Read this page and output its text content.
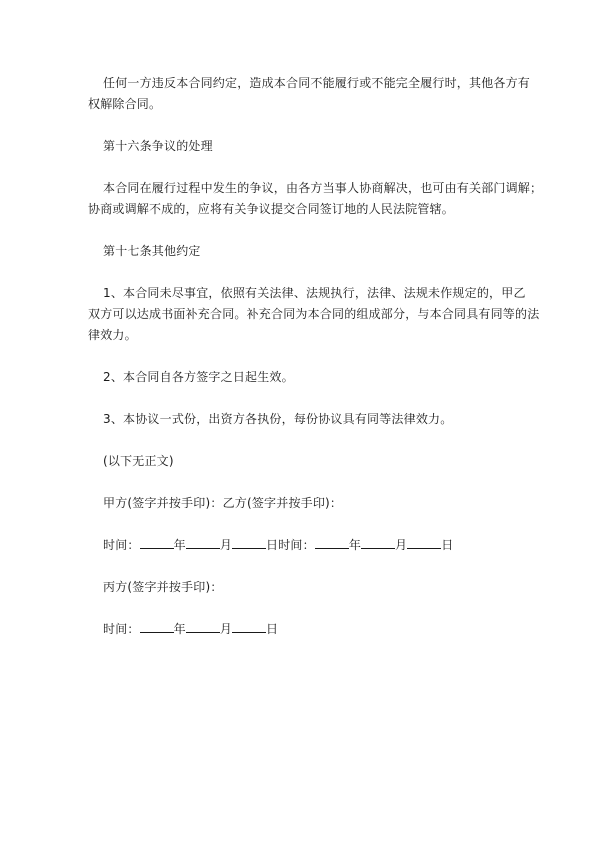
任何一方违反本合同约定，造成本合同不能履行或不能完全履行时，其他各方有
权解除合同。
第十六条争议的处理
本合同在履行过程中发生的争议，由各方当事人协商解决，也可由有关部门调解；
协商或调解不成的，应将有关争议提交合同签订地的人民法院管辖。
第十七条其他约定
1、本合同未尽事宜，依照有关法律、法规执行，法律、法规未作规定的，甲乙
双方可以达成书面补充合同。补充合同为本合同的组成部分，与本合同具有同等的法
律效力。
2、本合同自各方签字之日起生效。
3、本协议一式份，出资方各执份，每份协议具有同等法律效力。
(以下无正文)
甲方(签字并按手印)：乙方(签字并按手印)：
时间：	年	月	日时间：	年	月	日
丙方(签字并按手印)：
时间：	年	月	日
